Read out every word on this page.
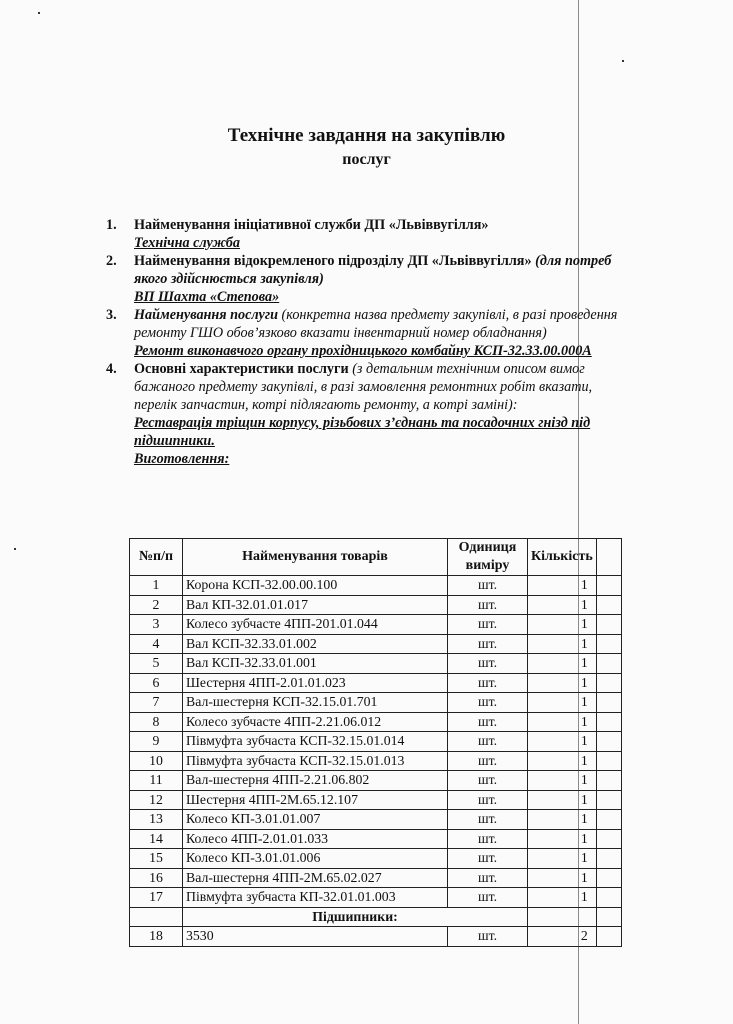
Технічне завдання на закупівлю
послуг
1.	Найменування ініціативної служби ДП «Львіввугілля»
Технічна служба
2.	Найменування відокремленого підрозділу ДП «Львіввугілля» (для потреб якого здійснюється закупівля)
ВП Шахта «Степова»
3.	Найменування послуги (конкретна назва предмету закупівлі, в разі проведення ремонту ГШО обов’язково вказати інвентарний номер обладнання)
Ремонт виконавчого органу прохідницького комбайну КСП-32.33.00.000А
4.	Основні характеристики послуги (з детальним технічним описом вимог бажаного предмету закупівлі, в разі замовлення ремонтних робіт вказати, перелік запчастин, котрі підлягають ремонту, а котрі заміні):
Реставрація тріщин корпусу, різьбових з’єднань та посадочних гнізд під підшипники.
Виготовлення:
№п/п	Найменування товарів	Одиниця виміру	Кількість	
1	Корона КСП-32.00.00.100	шт.	1	
2	Вал КП-32.01.01.017	шт.	1	
3	Колесо зубчасте 4ПП-201.01.044	шт.	1	
4	Вал КСП-32.33.01.002	шт.	1	
5	Вал КСП-32.33.01.001	шт.	1	
6	Шестерня 4ПП-2.01.01.023	шт.	1	
7	Вал-шестерня КСП-32.15.01.701	шт.	1	
8	Колесо зубчасте 4ПП-2.21.06.012	шт.	1	
9	Півмуфта зубчаста КСП-32.15.01.014	шт.	1	
10	Півмуфта зубчаста КСП-32.15.01.013	шт.	1	
11	Вал-шестерня 4ПП-2.21.06.802	шт.	1	
12	Шестерня 4ПП-2М.65.12.107	шт.	1	
13	Колесо КП-3.01.01.007	шт.	1	
14	Колесо 4ПП-2.01.01.033	шт.	1	
15	Колесо КП-3.01.01.006	шт.	1	
16	Вал-шестерня 4ПП-2М.65.02.027	шт.	1	
17	Півмуфта зубчаста КП-32.01.01.003	шт.	1	
	Підшипники:			
18	3530	шт.	2	
